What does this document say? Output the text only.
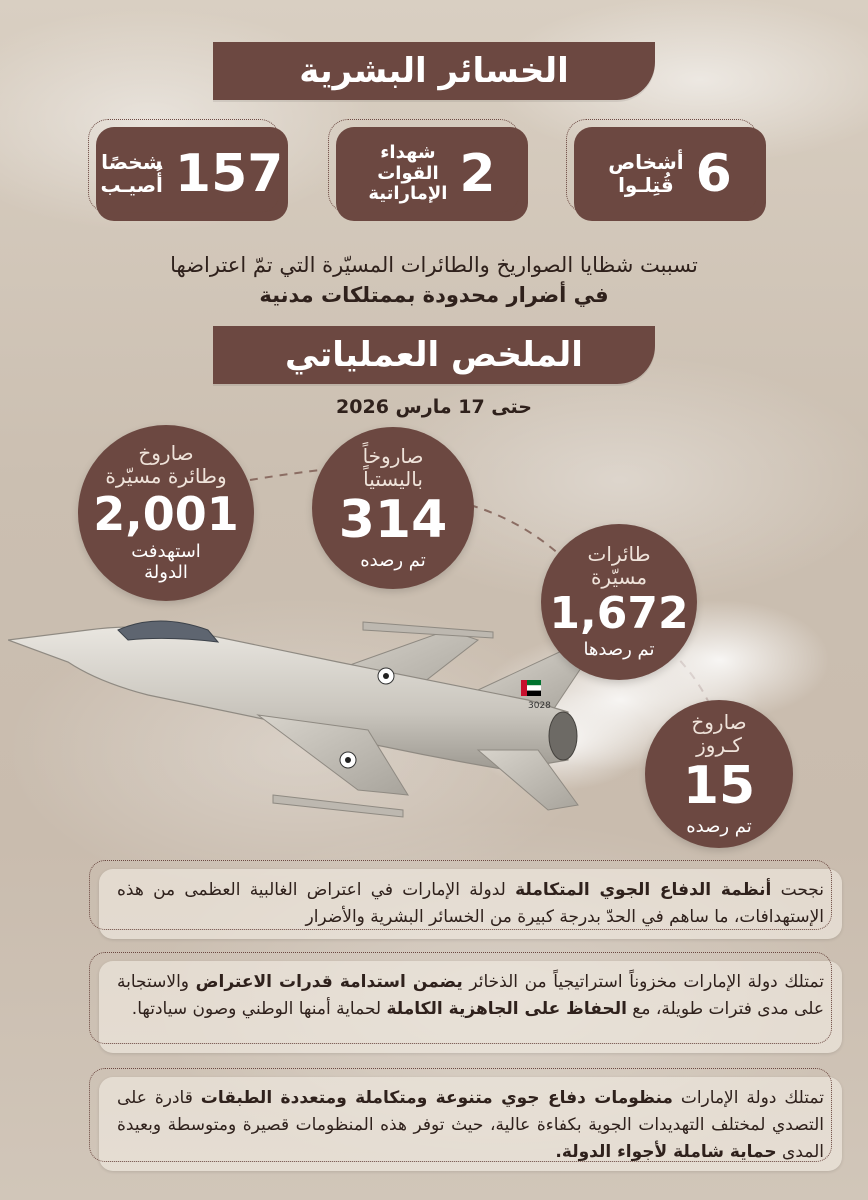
الخسائر البشرية
6
أشخاص
قُتِلـوا
2
شهداء
القوات
الإماراتية
157
شخصًا
أُصيـب
تسببت شظايا الصواريخ والطائرات المسيّرة التي تمّ اعتراضها
في أضرار محدودة بممتلكات مدنية
الملخص العملياتي
حتى 17 مارس 2026
3028
صاروخ
وطائرة مسيّرة
2,001
استهدفت
الدولة
صاروخاً
باليستياً
314
تم رصده	طائرات
مسيّرة
1,672
تم رصدها
صاروخ
كـروز
15
تم رصده
نجحت أنظمة الدفاع الجوي المتكاملة لدولة الإمارات في اعتراض الغالبية العظمى من هذه الإستهدافات، ما ساهم في الحدّ بدرجة كبيرة من الخسائر البشرية والأضرار
تمتلك دولة الإمارات مخزوناً استراتيجياً من الذخائر يضمن استدامة قدرات الاعتراض والاستجابة على مدى فترات طويلة، مع الحفاظ على الجاهزية الكاملة لحماية أمنها الوطني وصون سيادتها.
تمتلك دولة الإمارات منظومات دفاع جوي متنوعة ومتكاملة ومتعددة الطبقات قادرة على التصدي لمختلف التهديدات الجوية بكفاءة عالية، حيث توفر هذه المنظومات قصيرة ومتوسطة وبعيدة المدى حماية شاملة لأجواء الدولة.
